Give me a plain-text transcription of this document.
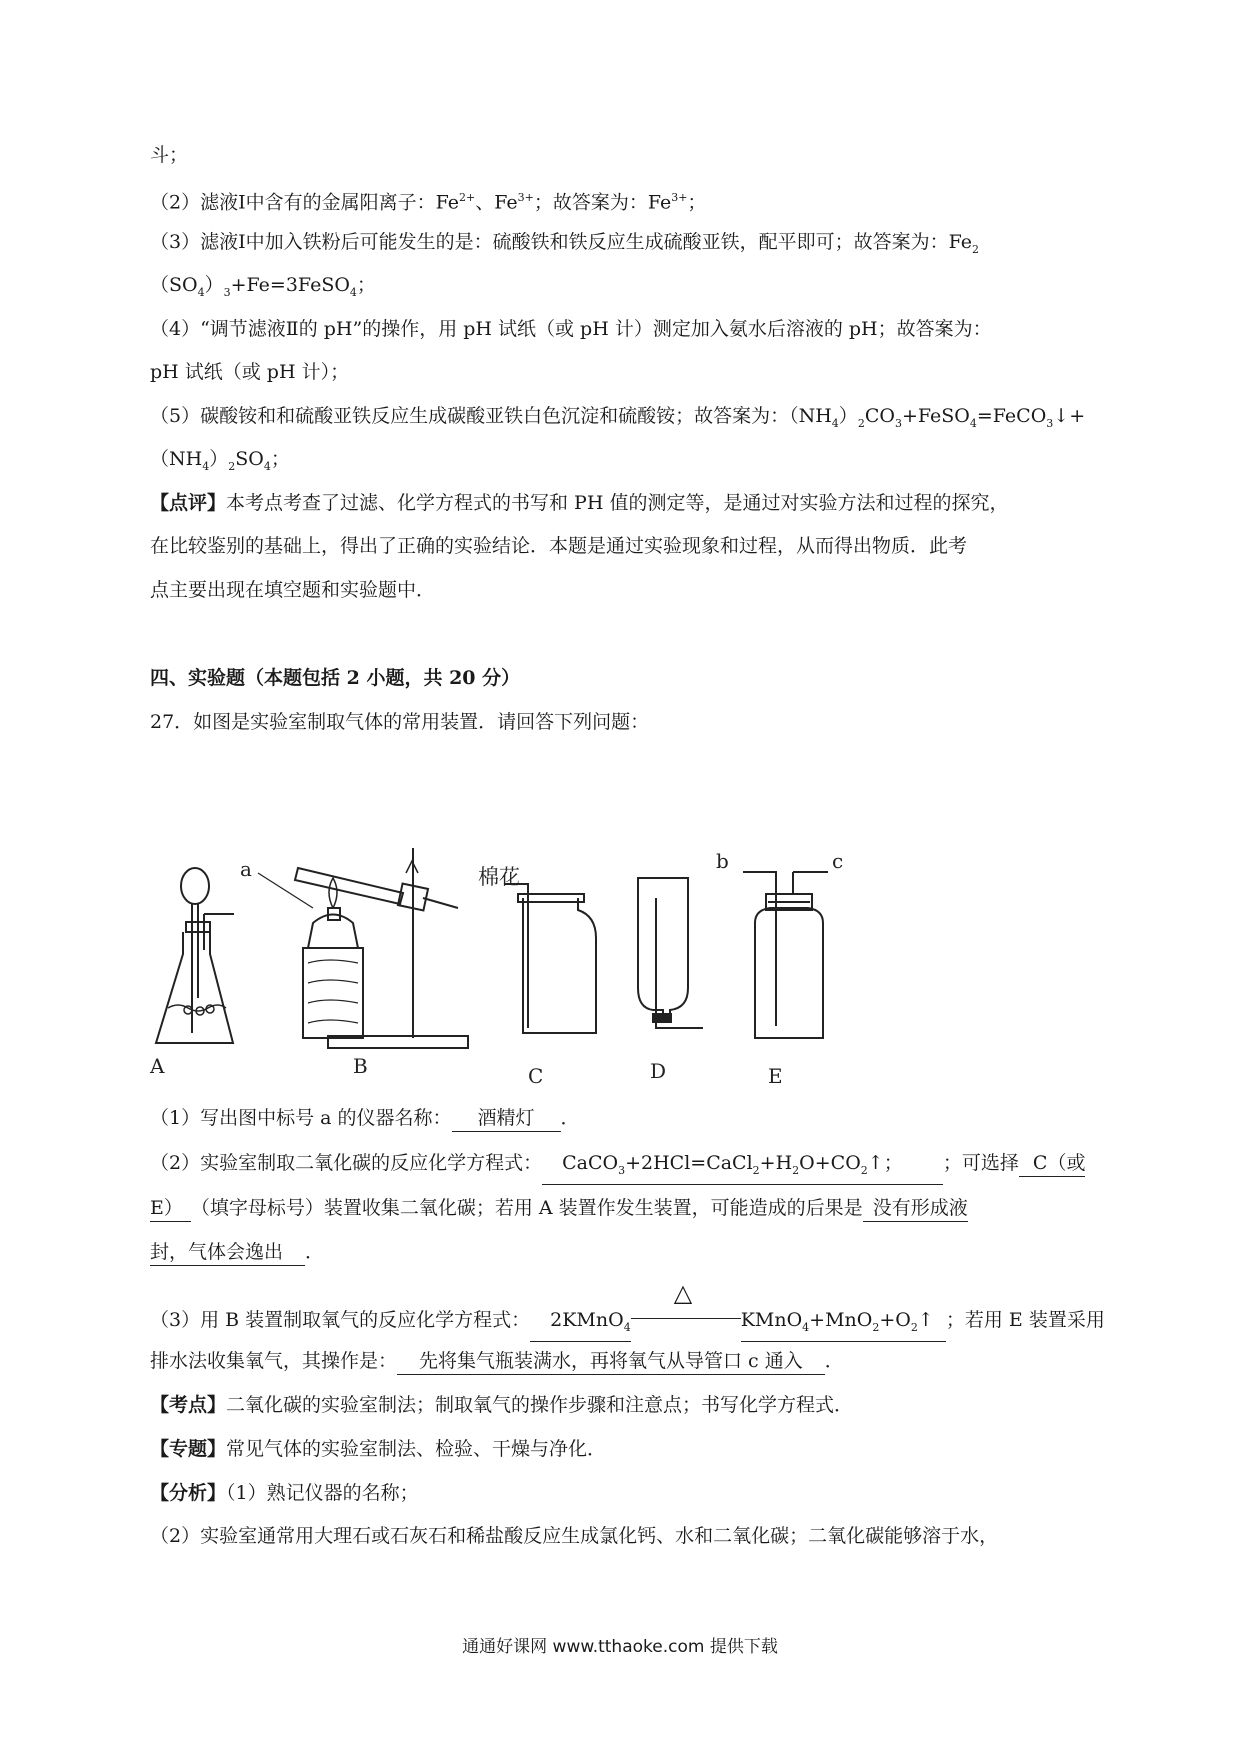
斗；
（2）滤液Ⅰ中含有的金属阳离子：$Fe^{2+}$、$Fe^{3+}$；故答案为：$Fe^{3+}$；
（3）滤液Ⅰ中加入铁粉后可能发生的是：硫酸铁和铁反应生成硫酸亚铁，配平即可；故答案为：$Fe_2$
$(SO_4)_3+Fe=3FeSO_4$；
（4）“调节滤液Ⅱ的 pH”的操作，用 pH 试纸（或 pH 计）测定加入氨水后溶液的 pH；故答案为：
pH 试纸（或 pH 计）；
（5）碳酸铵和和硫酸亚铁反应生成碳酸亚铁白色沉淀和硫酸铵；故答案为：$(NH_4)_2CO_3+FeSO_4=FeCO_3↓+$
$(NH_4)_2SO_4$；
【点评】本考点考查了过滤、化学方程式的书写和 PH 值的测定等，是通过对实验方法和过程的探究，
在比较鉴别的基础上，得出了正确的实验结论．本题是通过实验现象和过程，从而得出物质．此考
点主要出现在填空题和实验题中．
四、实验题（本题包括 2 小题，共 20 分）
27．如图是实验室制取气体的常用装置．请回答下列问题：
A	B	C	D	E
a	b	c
棉花
（1）写出图中标号 a 的仪器名称： 酒精灯 ．
（2）实验室制取二氧化碳的反应化学方程式： $CaCO_3+2HCl=CaCl_2+H_2O+CO_2↑$； ；可选择 C（或
E） （填字母标号）装置收集二氧化碳；若用 A 装置作发生装置，可能造成的后果是 没有形成液
封，气体会逸出 ．
（3）用 B 装置制取氧气的反应化学方程式： 2KMnO$_4$
△
$KMnO_4+MnO_2+O_2↑$ ；若用 E 装置采用
排水法收集氧气，其操作是： 先将集气瓶装满水，再将氧气从导管口 c 通入 ．
【考点】二氧化碳的实验室制法；制取氧气的操作步骤和注意点；书写化学方程式．
【专题】常见气体的实验室制法、检验、干燥与净化．
【分析】（1）熟记仪器的名称；
（2）实验室通常用大理石或石灰石和稀盐酸反应生成氯化钙、水和二氧化碳；二氧化碳能够溶于水，
通通好课网 www.tthaoke.com 提供下载
